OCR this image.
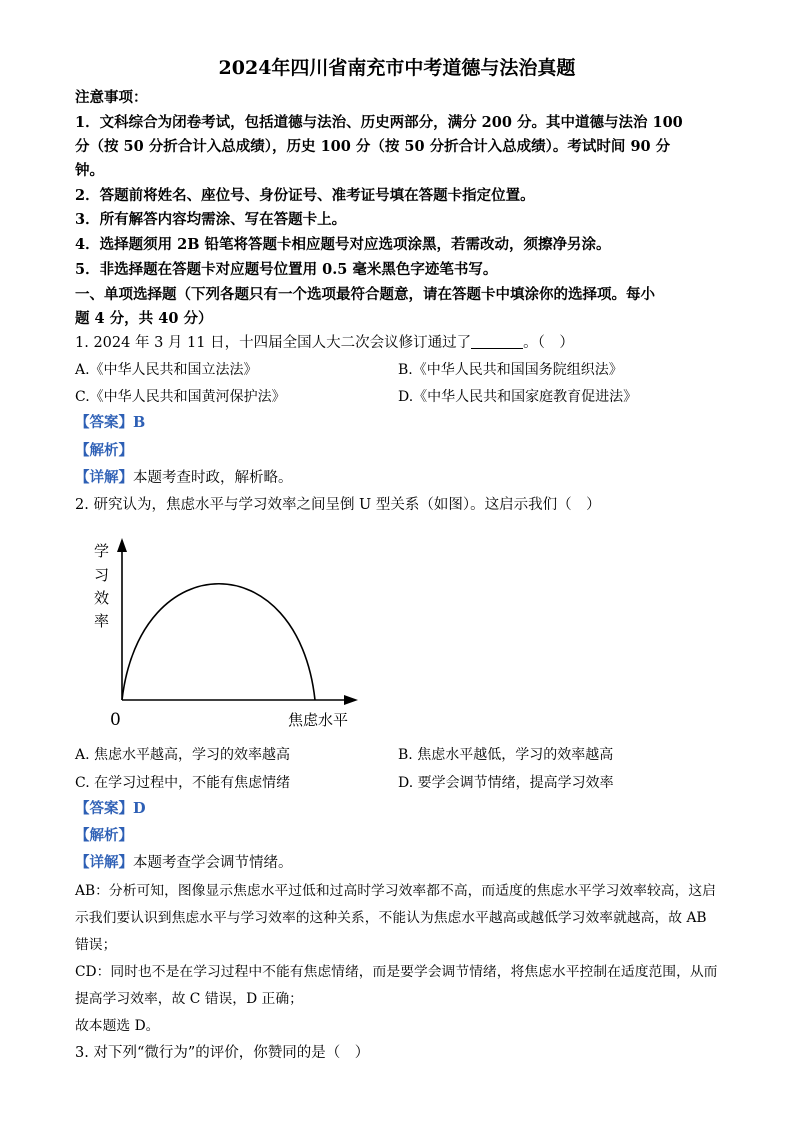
2024年四川省南充市中考道德与法治真题
注意事项：
1．文科综合为闭卷考试，包括道德与法治、历史两部分，满分 200 分。其中道德与法治 100
分（按 50 分折合计入总成绩），历史 100 分（按 50 分折合计入总成绩）。考试时间 90 分
钟。
2．答题前将姓名、座位号、身份证号、准考证号填在答题卡指定位置。
3．所有解答内容均需涂、写在答题卡上。
4．选择题须用 2B 铅笔将答题卡相应题号对应选项涂黑，若需改动，须擦净另涂。
5．非选择题在答题卡对应题号位置用 0.5 毫米黑色字迹笔书写。
一、单项选择题（下列各题只有一个选项最符合题意，请在答题卡中填涂你的选择项。每小
题 4 分，共 40 分）
1. 2024 年 3 月 11 日，十四届全国人大二次会议修订通过了	。（　）
A.《中华人民共和国立法法》	B.《中华人民共和国国务院组织法》
C.《中华人民共和国黄河保护法》	D.《中华人民共和国家庭教育促进法》
【答案】B
【解析】
【详解】本题考查时政，解析略。
2. 研究认为，焦虑水平与学习效率之间呈倒 U 型关系（如图）。这启示我们（　）
学
习
效
率
0	焦虑水平
A. 焦虑水平越高，学习的效率越高	B. 焦虑水平越低，学习的效率越高
C. 在学习过程中，不能有焦虑情绪	D. 要学会调节情绪，提高学习效率
【答案】D
【解析】
【详解】本题考查学会调节情绪。
AB：分析可知，图像显示焦虑水平过低和过高时学习效率都不高，而适度的焦虑水平学习效率较高，这启
示我们要认识到焦虑水平与学习效率的这种关系，不能认为焦虑水平越高或越低学习效率就越高，故 AB
错误；
CD：同时也不是在学习过程中不能有焦虑情绪，而是要学会调节情绪，将焦虑水平控制在适度范围，从而
提高学习效率，故 C 错误，D 正确；
故本题选 D。
3. 对下列“微行为”的评价，你赞同的是（　）
